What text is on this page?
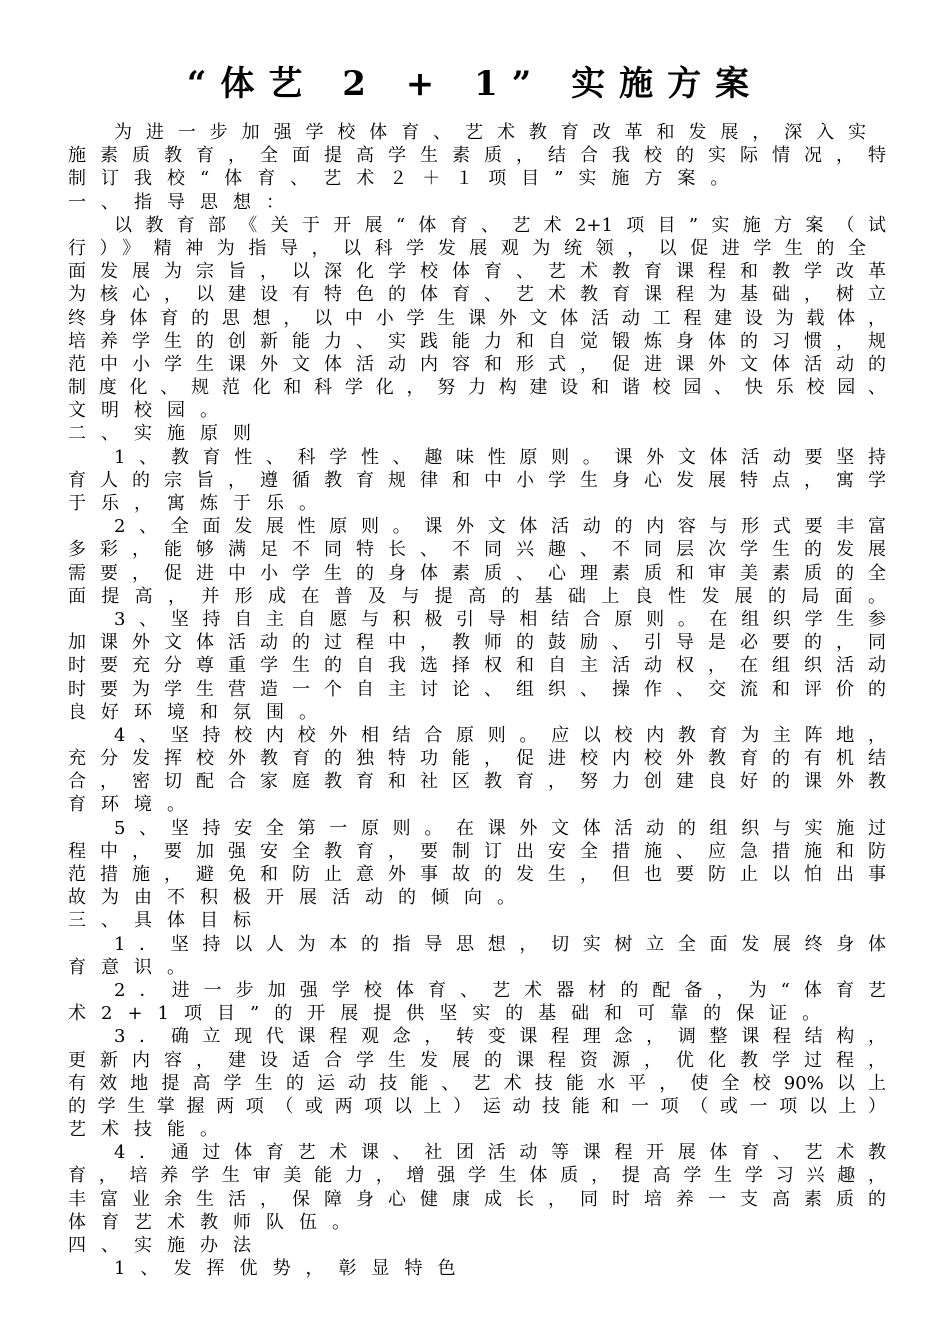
“体艺 2 + 1” 实施方案
为进一步加强学校体育、艺术教育改革和发展，深入实
施素质教育，全面提高学生素质，结合我校的实际情况，特
制订我校“体育、艺术２＋１项目”实施方案。
一、指导思想：
以教育部《关于开展“体育、艺术2+1项目”实施方案（试
行）》精神为指导，以科学发展观为统领，以促进学生的全
面发展为宗旨，以深化学校体育、艺术教育课程和教学改革
为核心，以建设有特色的体育、艺术教育课程为基础，树立
终身体育的思想，以中小学生课外文体活动工程建设为载体，
培养学生的创新能力、实践能力和自觉锻炼身体的习惯，规
范中小学生课外文体活动内容和形式，促进课外文体活动的
制度化、规范化和科学化，努力构建设和谐校园、快乐校园、
文明校园。
二、实施原则
1、教育性、科学性、趣味性原则。课外文体活动要坚持
育人的宗旨，遵循教育规律和中小学生身心发展特点，寓学
于乐，寓炼于乐。
2、全面发展性原则。课外文体活动的内容与形式要丰富
多彩，能够满足不同特长、不同兴趣、不同层次学生的发展
需要，促进中小学生的身体素质、心理素质和审美素质的全
面提高，并形成在普及与提高的基础上良性发展的局面。
3、坚持自主自愿与积极引导相结合原则。在组织学生参
加课外文体活动的过程中，教师的鼓励、引导是必要的，同
时要充分尊重学生的自我选择权和自主活动权，在组织活动
时要为学生营造一个自主讨论、组织、操作、交流和评价的
良好环境和氛围。
4、坚持校内校外相结合原则。应以校内教育为主阵地，
充分发挥校外教育的独特功能，促进校内校外教育的有机结
合，密切配合家庭教育和社区教育，努力创建良好的课外教
育环境。
5、坚持安全第一原则。在课外文体活动的组织与实施过
程中，要加强安全教育，要制订出安全措施、应急措施和防
范措施，避免和防止意外事故的发生，但也要防止以怕出事
故为由不积极开展活动的倾向。
三、具体目标
1．坚持以人为本的指导思想，切实树立全面发展终身体
育意识。
2．进一步加强学校体育、艺术器材的配备，为“体育艺
术2+1项目”的开展提供坚实的基础和可靠的保证。
3．确立现代课程观念，转变课程理念，调整课程结构，
更新内容，建设适合学生发展的课程资源，优化教学过程，
有效地提高学生的运动技能、艺术技能水平，使全校90%以上
的学生掌握两项（或两项以上）运动技能和一项（或一项以上）
艺术技能。
4．通过体育艺术课、社团活动等课程开展体育、艺术教
育，培养学生审美能力，增强学生体质，提高学生学习兴趣，
丰富业余生活，保障身心健康成长，同时培养一支高素质的
体育艺术教师队伍。
四、实施办法
1、发挥优势，彰显特色
